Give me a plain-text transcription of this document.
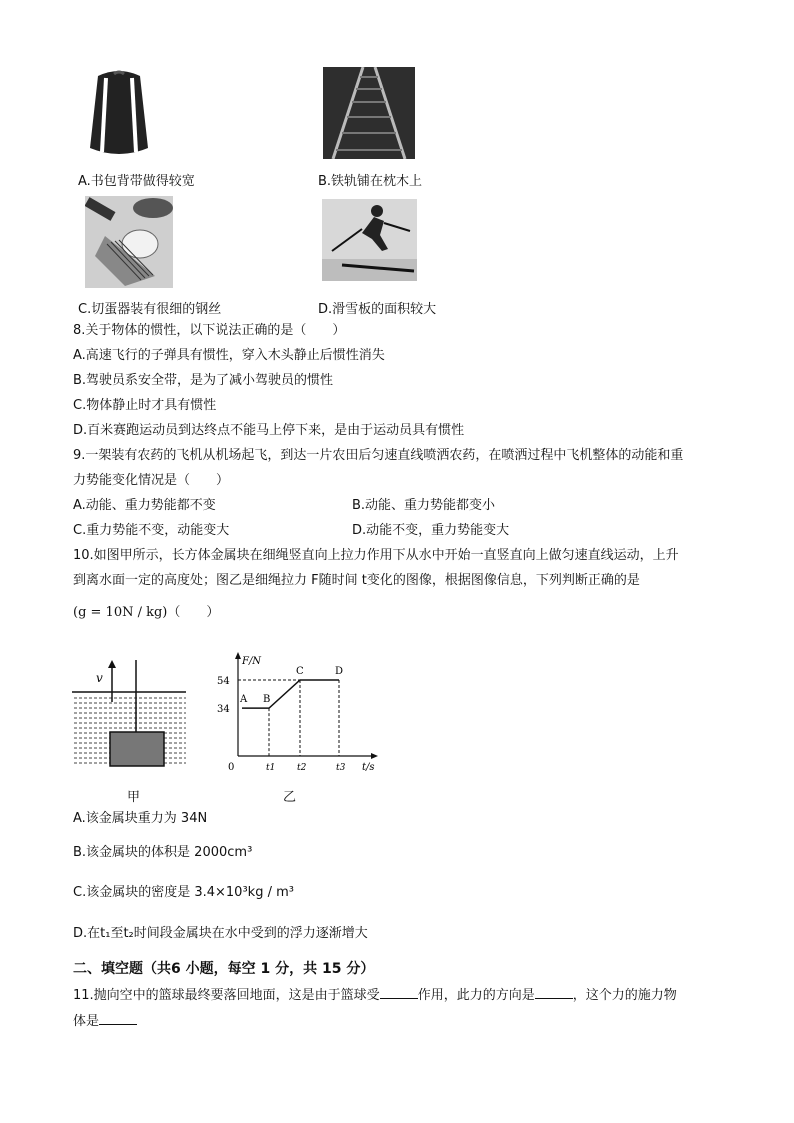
A.书包背带做得较宽	B.铁轨铺在枕木上
C.切蛋器装有很细的钢丝	D.滑雪板的面积较大
8.关于物体的惯性，以下说法正确的是（　　）
A.高速飞行的子弹具有惯性，穿入木头静止后惯性消失
B.驾驶员系安全带，是为了减小驾驶员的惯性
C.物体静止时才具有惯性
D.百米赛跑运动员到达终点不能马上停下来，是由于运动员具有惯性
9.一架装有农药的飞机从机场起飞，到达一片农田后匀速直线喷洒农药，在喷洒过程中飞机整体的动能和重
力势能变化情况是（　　）
A.动能、重力势能都不变	B.动能、重力势能都变小
C.重力势能不变，动能变大	D.动能不变，重力势能变大
10.如图甲所示，长方体金属块在细绳竖直向上拉力作用下从水中开始一直竖直向上做匀速直线运动，上升
到离水面一定的高度处；图乙是细绳拉力 F随时间 t变化的图像，根据图像信息，下列判断正确的是
(g = 10N / kg)（　　）
v
甲
F/N
t/s
0
54
34
t1 t2	t3
A B
C	D
乙
A.该金属块重力为 34N
B.该金属块的体积是 2000cm³
C.该金属块的密度是 3.4×10³kg / m³
D.在t₁至t₂时间段金属块在水中受到的浮力逐渐增大
二、填空题（共6 小题，每空 1 分，共 15 分）
11.抛向空中的篮球最终要落回地面，这是由于篮球受	作用，此力的方向是	，这个力的施力物
体是
